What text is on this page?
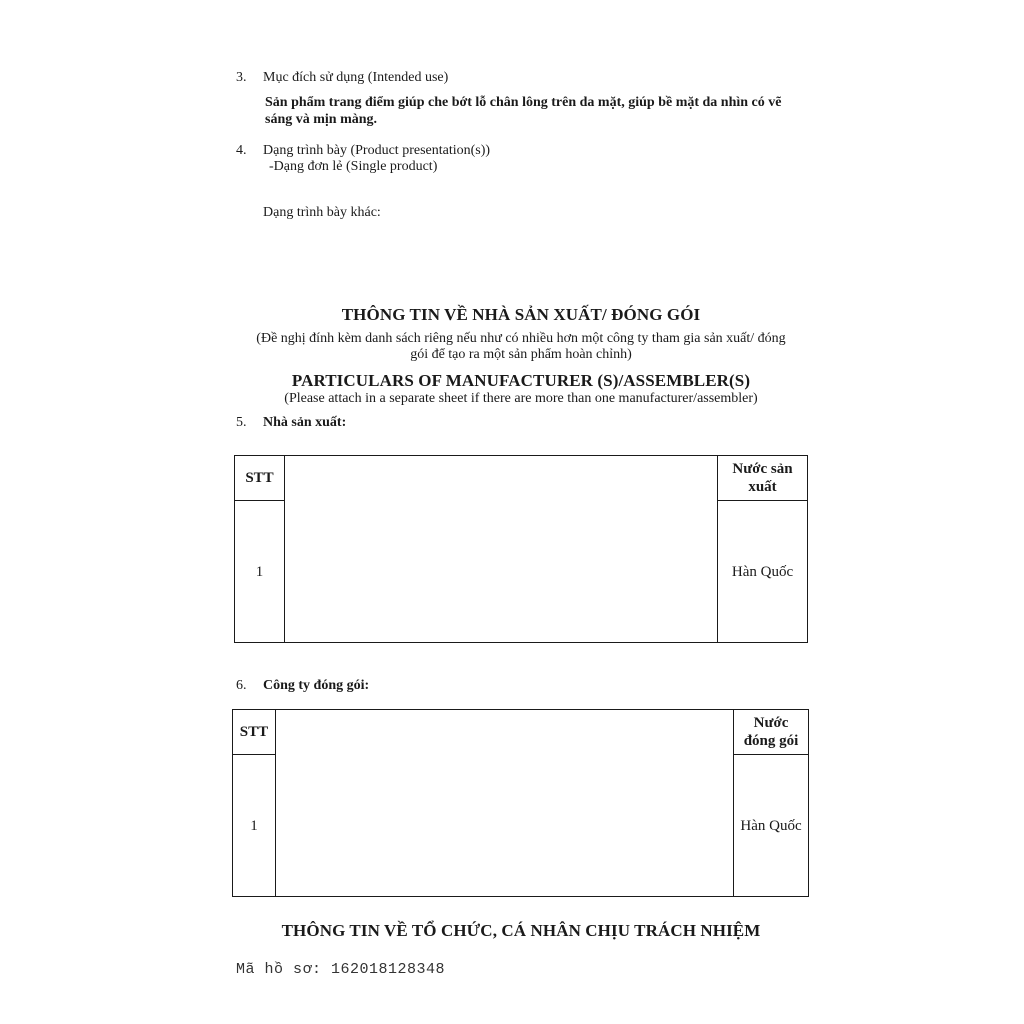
3. Mục đích sử dụng (Intended use)
Sản phẩm trang điểm giúp che bớt lỗ chân lông trên da mặt, giúp bề mặt da nhìn có vẽ
sáng và mịn màng.
4. Dạng trình bày (Product presentation(s))
-Dạng đơn lẻ (Single product)
Dạng trình bày khác:
THÔNG TIN VỀ NHÀ SẢN XUẤT/ ĐÓNG GÓI
(Đề nghị đính kèm danh sách riêng nếu như có nhiều hơn một công ty tham gia sản xuất/ đóng
gói để tạo ra một sản phẩm hoàn chỉnh)
PARTICULARS OF MANUFACTURER (S)/ASSEMBLER(S)
(Please attach in a separate sheet if there are more than one manufacturer/assembler)
5. Nhà sản xuất:
STT		Nước sản
xuất

1		Hàn Quốc
6. Công ty đóng gói:
STT		Nước
đóng gói

1		Hàn Quốc
THÔNG TIN VỀ TỔ CHỨC, CÁ NHÂN CHỊU TRÁCH NHIỆM
Mã hồ sơ: 162018128348
